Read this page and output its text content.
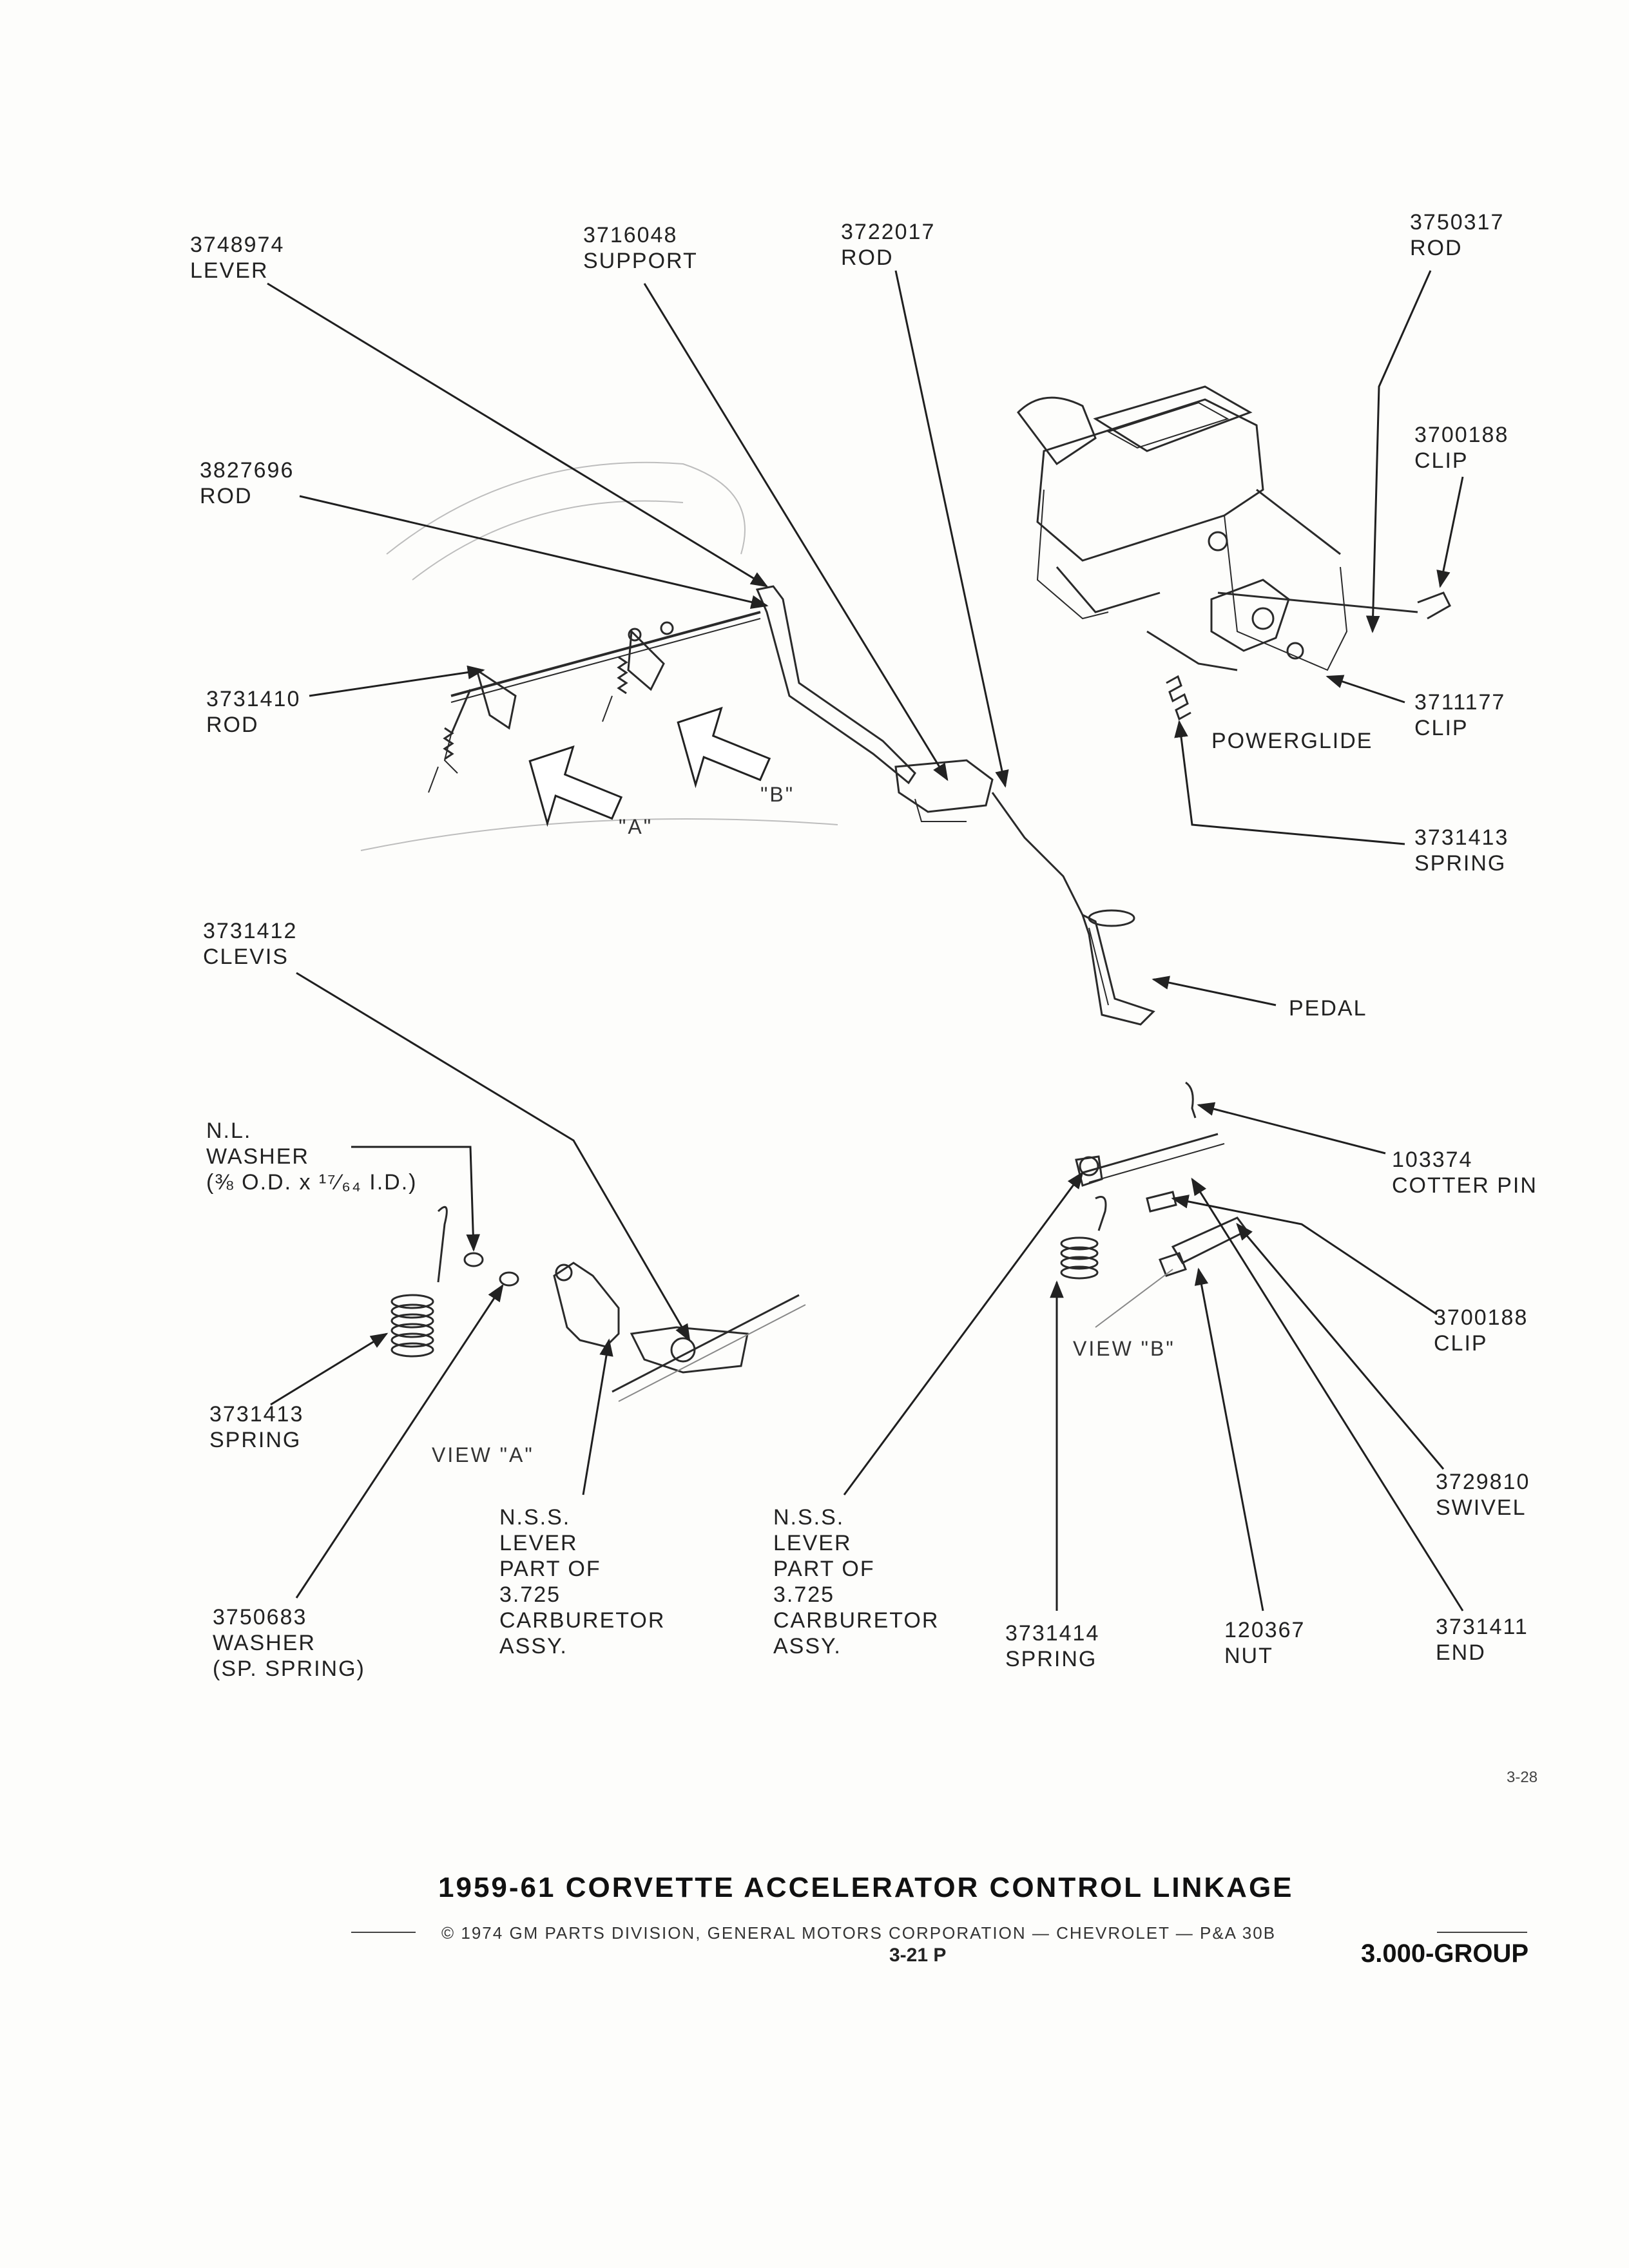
3748974
LEVER
3716048
SUPPORT
3722017
ROD
3750317
ROD
3827696
ROD
3700188
CLIP
3731410
ROD
3711177
CLIP
POWERGLIDE
3731413
SPRING
PEDAL
3731412
CLEVIS
N.L.
WASHER
(⅜ O.D. x ¹⁷⁄₆₄ I.D.)
103374
COTTER PIN
3700188
CLIP
3731413
SPRING
3729810
SWIVEL
3750683
WASHER
(SP. SPRING)
N.S.S.
LEVER
PART OF
3.725
CARBURETOR
ASSY.
N.S.S.
LEVER
PART OF
3.725
CARBURETOR
ASSY.
3731414
SPRING
120367
NUT
3731411
END
"A"
"B"
VIEW "A"
VIEW "B"
3-28
1959-61 CORVETTE ACCELERATOR CONTROL LINKAGE
© 1974 GM PARTS DIVISION, GENERAL MOTORS CORPORATION — CHEVROLET — P&A 30B
3-21 P	3.000-GROUP
